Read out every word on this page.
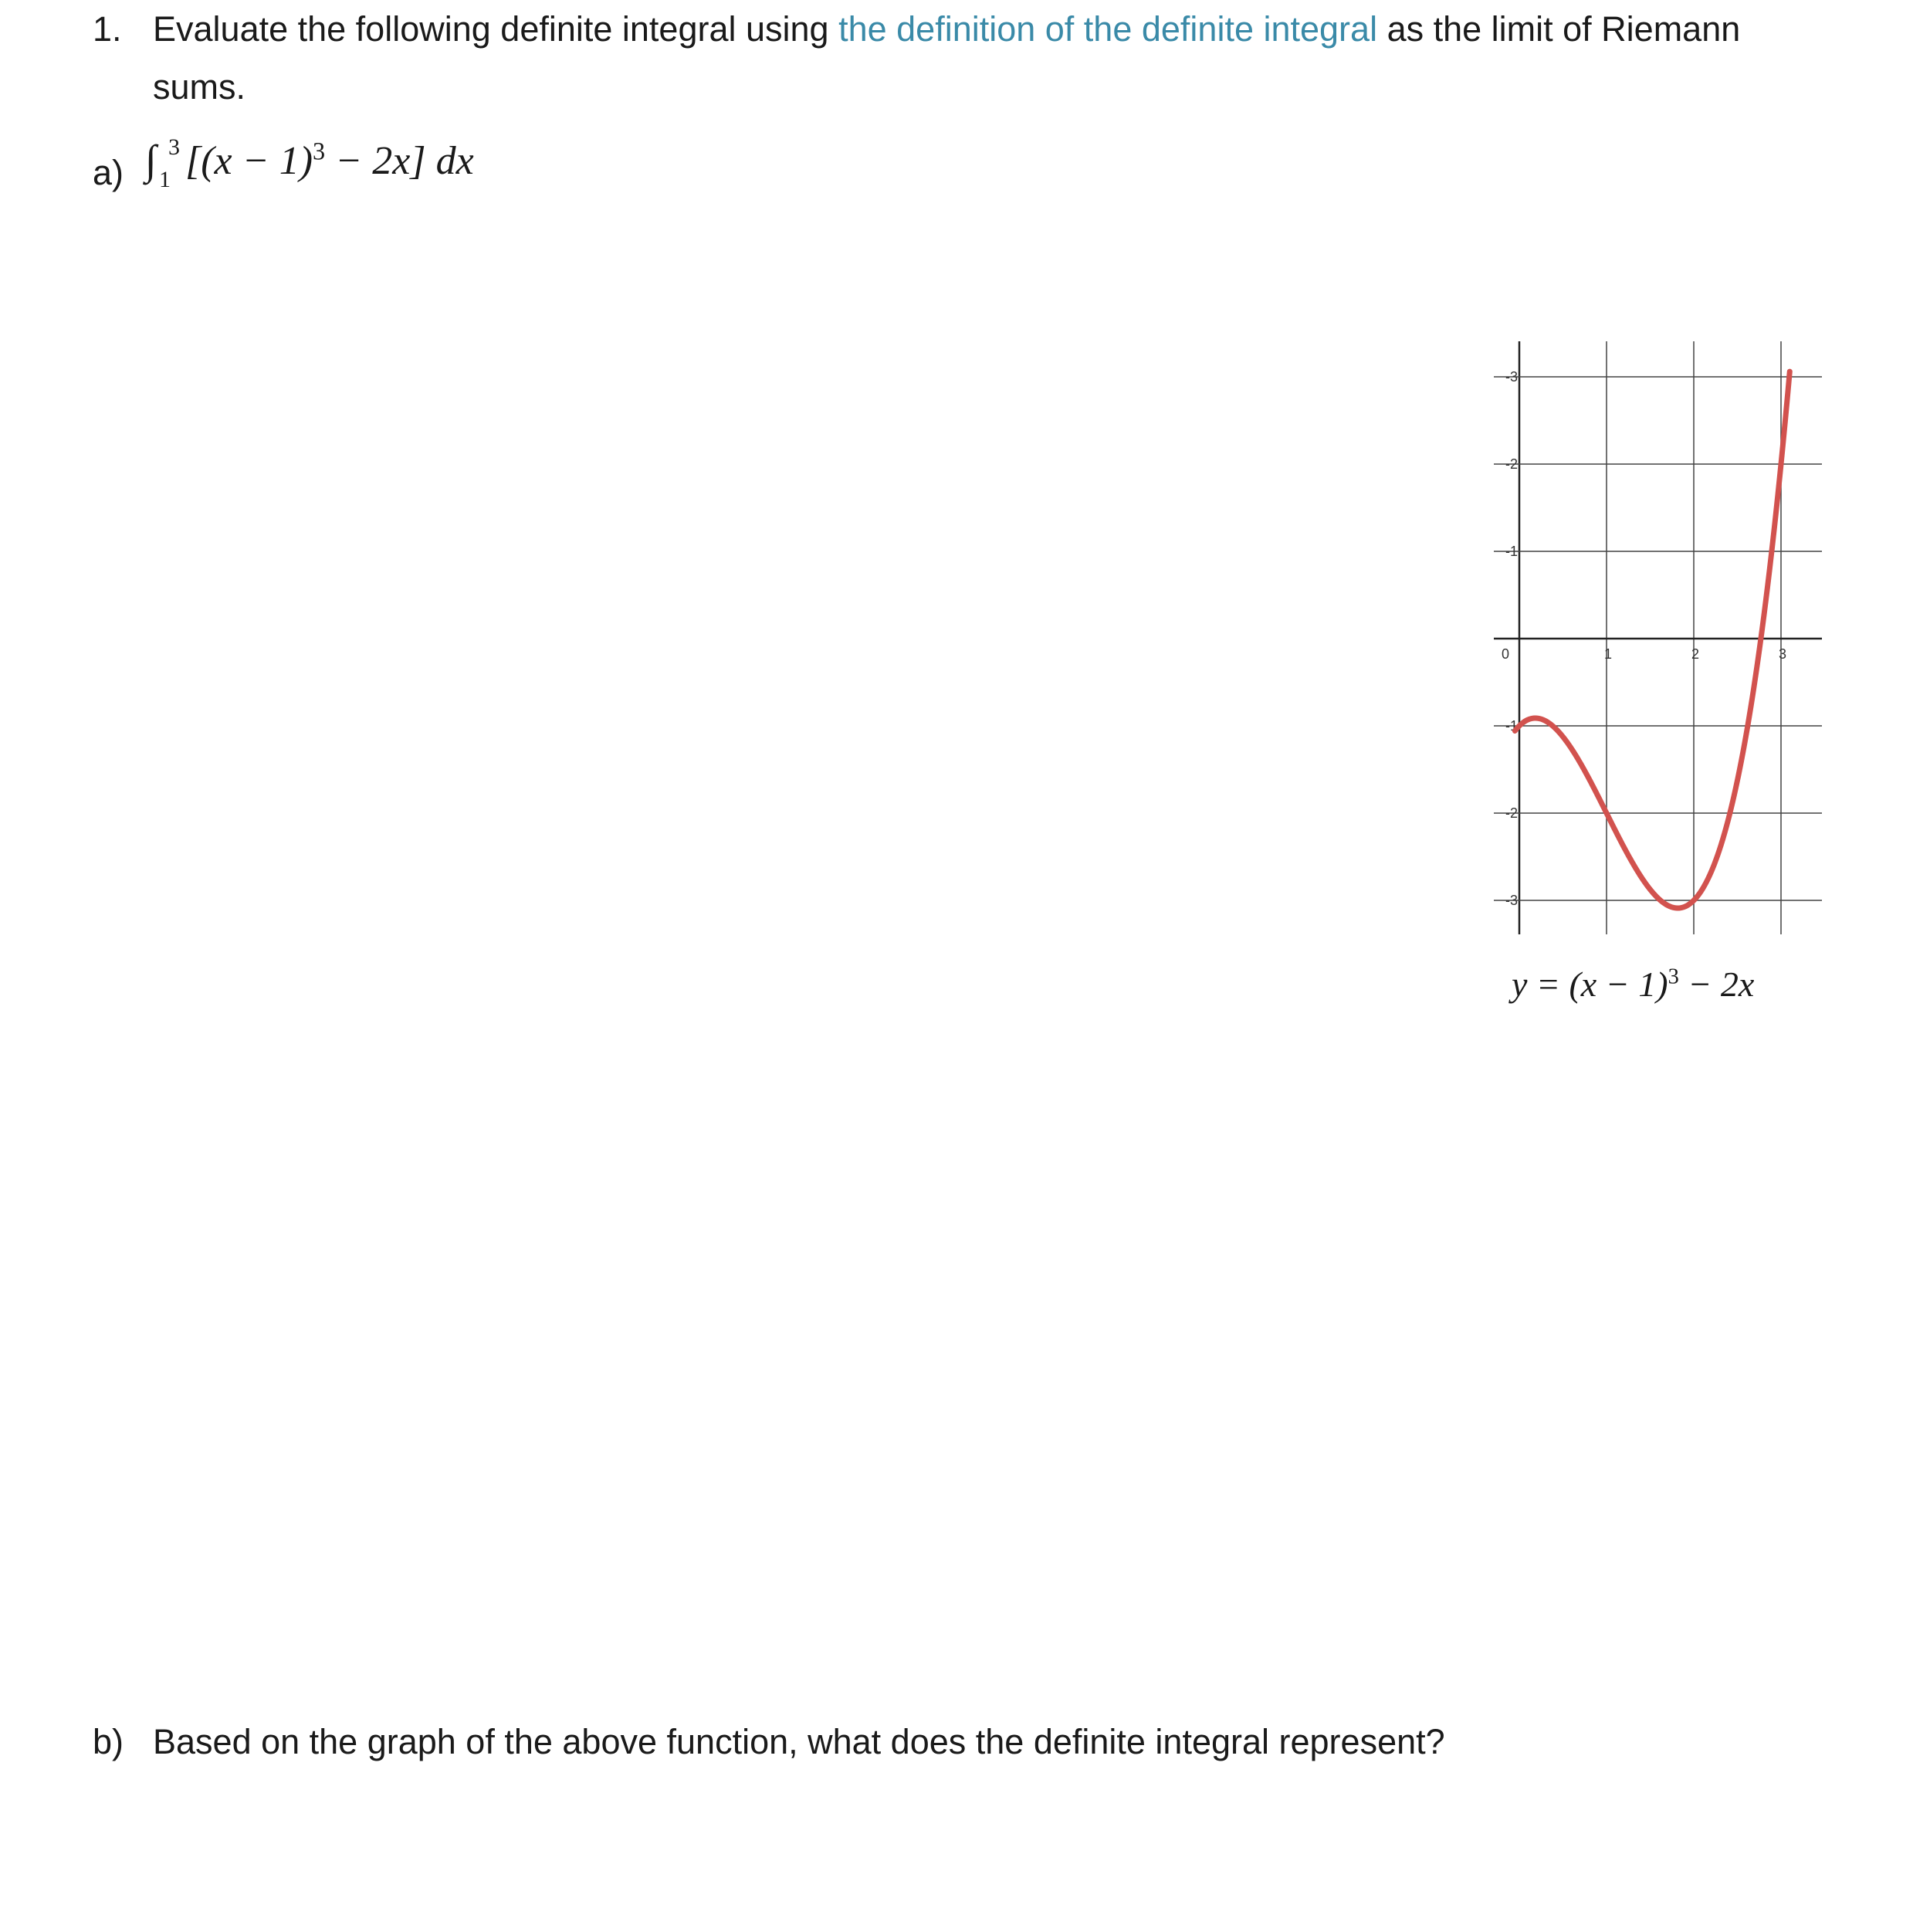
1. Evaluate the following definite integral using the definition of the definite integral as the limit of Riemann
sums.
a) ∫ 3
1 $[(x - 1)^3 - 2x]$ dx
0	1	2	3
-3
-2
-1
-1
-2
-3
$y = (x - 1)^3 - 2x$
b) Based on the graph of the above function, what does the definite integral represent?
